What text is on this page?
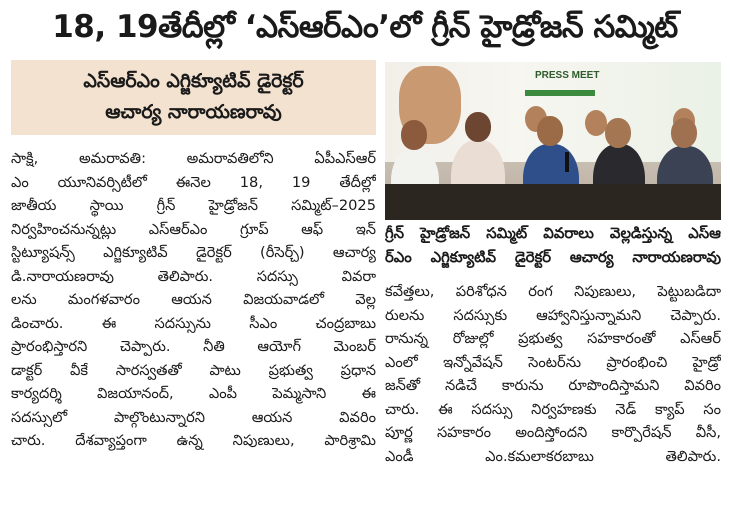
18, 19తేదీల్లో ‘ఎస్‌ఆర్‌ఎం’లో గ్రీన్ హైడ్రోజన్ సమ్మిట్
ఎస్‌ఆర్‌ఎం ఎగ్జిక్యూటివ్ డైరెక్టర్
ఆచార్య నారాయణరావు
సాక్షి, అమరావతి: అమరావతిలోని ఏపీఎస్‌ఆర్‌
ఎం యూనివర్సిటీలో ఈనెల 18, 19 తేదీల్లో
జాతీయ స్థాయి గ్రీన్ హైడ్రోజన్ సమ్మిట్–2025
నిర్వహించనున్నట్లు ఎస్‌ఆర్‌ఎం గ్రూప్ ఆఫ్ ఇన్
స్టిట్యూషన్స్ ఎగ్జిక్యూటివ్ డైరెక్టర్ (రీసెర్చ్) ఆచార్య
డి.నారాయణరావు తెలిపారు. సదస్సు వివరా
లను మంగళవారం ఆయన విజయవాడలో వెల్ల
డించారు. ఈ సదస్సును సీఎం చంద్రబాబు
ప్రారంభిస్తారని చెప్పారు. నీతి ఆయోగ్ మెంబర్
డాక్టర్ వీకే సారస్వతతో పాటు ప్రభుత్వ ప్రధాన
కార్యదర్శి విజయానంద్, ఎంపీ పెమ్మసాని ఈ
సదస్సులో పాల్గొంటున్నారని ఆయన వివరిం
చారు. దేశవ్యాప్తంగా ఉన్న నిపుణులు, పారిశ్రామి
PRESS MEET
గ్రీన్ హైడ్రోజన్ సమ్మిట్ వివరాలు వెల్లడిస్తున్న ఎస్‌ఆ
ర్‌ఎం ఎగ్జిక్యూటివ్ డైరెక్టర్ ఆచార్య నారాయణరావు
కవేత్తలు, పరిశోధన రంగ నిపుణులు, పెట్టుబడిదా
రులను సదస్సుకు ఆహ్వానిస్తున్నామని చెప్పారు.
రానున్న రోజుల్లో ప్రభుత్వ సహకారంతో ఎస్‌ఆర్‌
ఎంలో ఇన్నోవేషన్ సెంటర్‌ను ప్రారంభించి హైడ్రో
జన్‌తో నడిచే కారును రూపొందిస్తామని వివరిం
చారు. ఈ సదస్సు నిర్వహణకు నెడ్ క్యాప్ సం
పూర్ణ సహకారం అందిస్తోందని కార్పొరేషన్ వీసీ,
ఎండీ ఎం.కమలాకరబాబు తెలిపారు.
